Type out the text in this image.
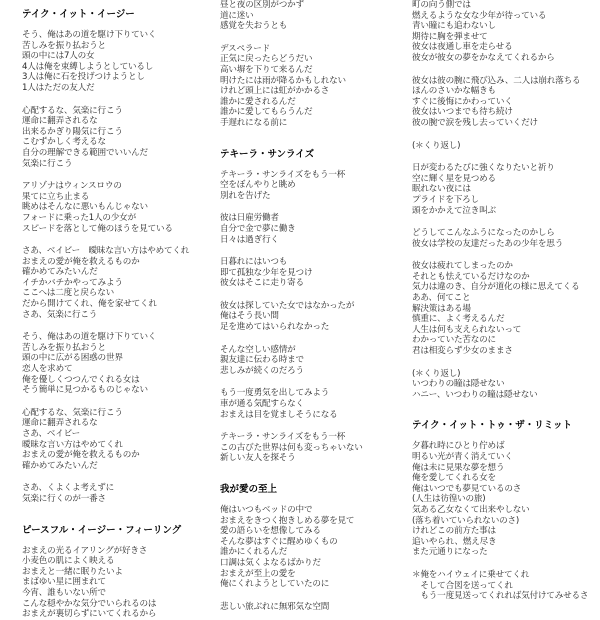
テイク・イット・イージー
そう、俺はあの道を駆け下りていく
苦しみを振り払おうと
頭の中には7人の女
4人は俺を束縛しようとしているし
3人は俺に石を投げつけようとし
1人はただの友人だ
心配するな、気楽に行こう
運命に翻弄されるな
出来るかぎり陽気に行こう
こむずかしく考えるな
自分の理解できる範囲でいいんだ
気楽に行こう
アリゾナはウィンスロウの
果てに立ち止まる
眺めはそんなに悪いもんじゃない
フォードに乗った1人の少女が
スピードを落として俺のほうを見ている
さあ、ベイビー　曖昧な言い方はやめてくれ
おまえの愛が俺を救えるものか
確かめてみたいんだ
イチかバチかやってみよう
ここへは二度と戻らない
だから開けてくれ、俺を家せてくれ
さあ、気楽に行こう
そう、俺はあの道を駆け下りていく
苦しみを振り払おうと
頭の中に広がる困惑の世界
恋人を求めて
俺を優しくつつんでくれる女は
そう簡単に見つかるものじゃない
心配するな、気楽に行こう
運命に翻弄されるな
さあ、ベイビー
曖昧な言い方はやめてくれ
おまえの愛が俺を救えるものか
確かめてみたいんだ
さあ、くよくよ考えずに
気楽に行くのが一番さ
ピースフル・イージー・フィーリング
おまえの光るイアリングが好きさ
小麦色の肌によく映える
おまえと一緒に眠りたいよ
まばゆい星に囲まれて
今宵、誰もいない所で
こんな穏やかな気分でいられるのは
おまえが裏切らずにいてくれるから
昼と夜の区別がつかず
道に迷い
感覚を失おうとも
デスペラード
正気に戻ったらどうだい
高い塀を下りて来るんだ
明けたには雨が降るかもしれない
けれど頭上には虹がかかるさ
誰かに愛されるんだ
誰かに愛してもらうんだ
手遅れになる前に
テキーラ・サンライズ
テキーラ・サンライズをもう一杯
空をぼんやりと眺め
別れを告げた
彼は日雇労働者
自分で金で夢に働き
日々は過ぎ行く
日暮れにはいつも
即て孤独な少年を見つけ
彼女はそこに走り寄る
彼女は探していた女ではなかったが
俺はそう長い間
足を進めてはいられなかった
そんな空しい感情が
親友達に伝わる時まで
悲しみが続くのだろう
もう一度勇気を出してみよう
車が通る気配すらなく
おまえは目を覚ましそうになる
テキーラ・サンライズをもう一杯
この古びた世界は何も変っちゃいない
新しい友人を探そう
我が愛の至上
俺はいつもベッドの中で
おまえをきつく抱きしめる夢を見て
愛の語らいを想像してみる
そんな夢はすぐに醒めゆくもの
誰かにくれるんだ
口調は気くよなるばかりだ
おまえが至上の愛を
俺にくれようとしていたのに
悲しい旅ぶれに無邪気な空間
町の向う側では
燃えるような女な少年が待っている
青い瞳にも追わないし
期待に胸を弾ませて
彼女は夜通し車を走らせる
彼女が彼女の夢をかなえてくれるから
彼女は彼の腕に飛び込み、二人は崩れ落ちる
ほんのさいかな幅きも
すぐに後悔にかわっていく
彼女はいつまでも待ち続け
彼の腕で涙を残し去っていくだけ
(＊くり返し)
日が変わるたびに強くなりたいと祈り
空に輝く星を見つめる
眠れない夜には
プライドを下ろし
頭をかかえて泣き叫ぶ
どうしてこんなふうになったのかしら
彼女は学校の友達だったあの少年を思う
彼女は疲れてしまったのか
それとも怯えているだけなのか
気力は違のき、自分が道化の様に思えてくる
ああ、何てこと
解決策はある場
慎重に、よく考えるんだ
人生は何も支えられないって
わかっていた苦なのに
君は相変らず少女のままさ
(＊くり返し)
いつわりの瞳は隠せない
ハニー、いつわりの瞳は隠せない
テイク・イット・トゥ・ザ・リミット
夕暮れ時にひとり佇めば
明るい光が青く消えていく
俺は未に見果な夢を想う
俺を愛してくれる女を
俺はいつでも夢見ているのさ
(人生は彷徨いの旅)
気ある乙女なくて出来やしない
(落ち着いていられないのさ)
けれどこの前方た事は
追いやられ、燃え尽き
また元通りになった
＊俺をハイウェイに乗せてくれ
　そして合図を送ってくれ
　もう一度見送ってくれれば気付けてみせるさ
